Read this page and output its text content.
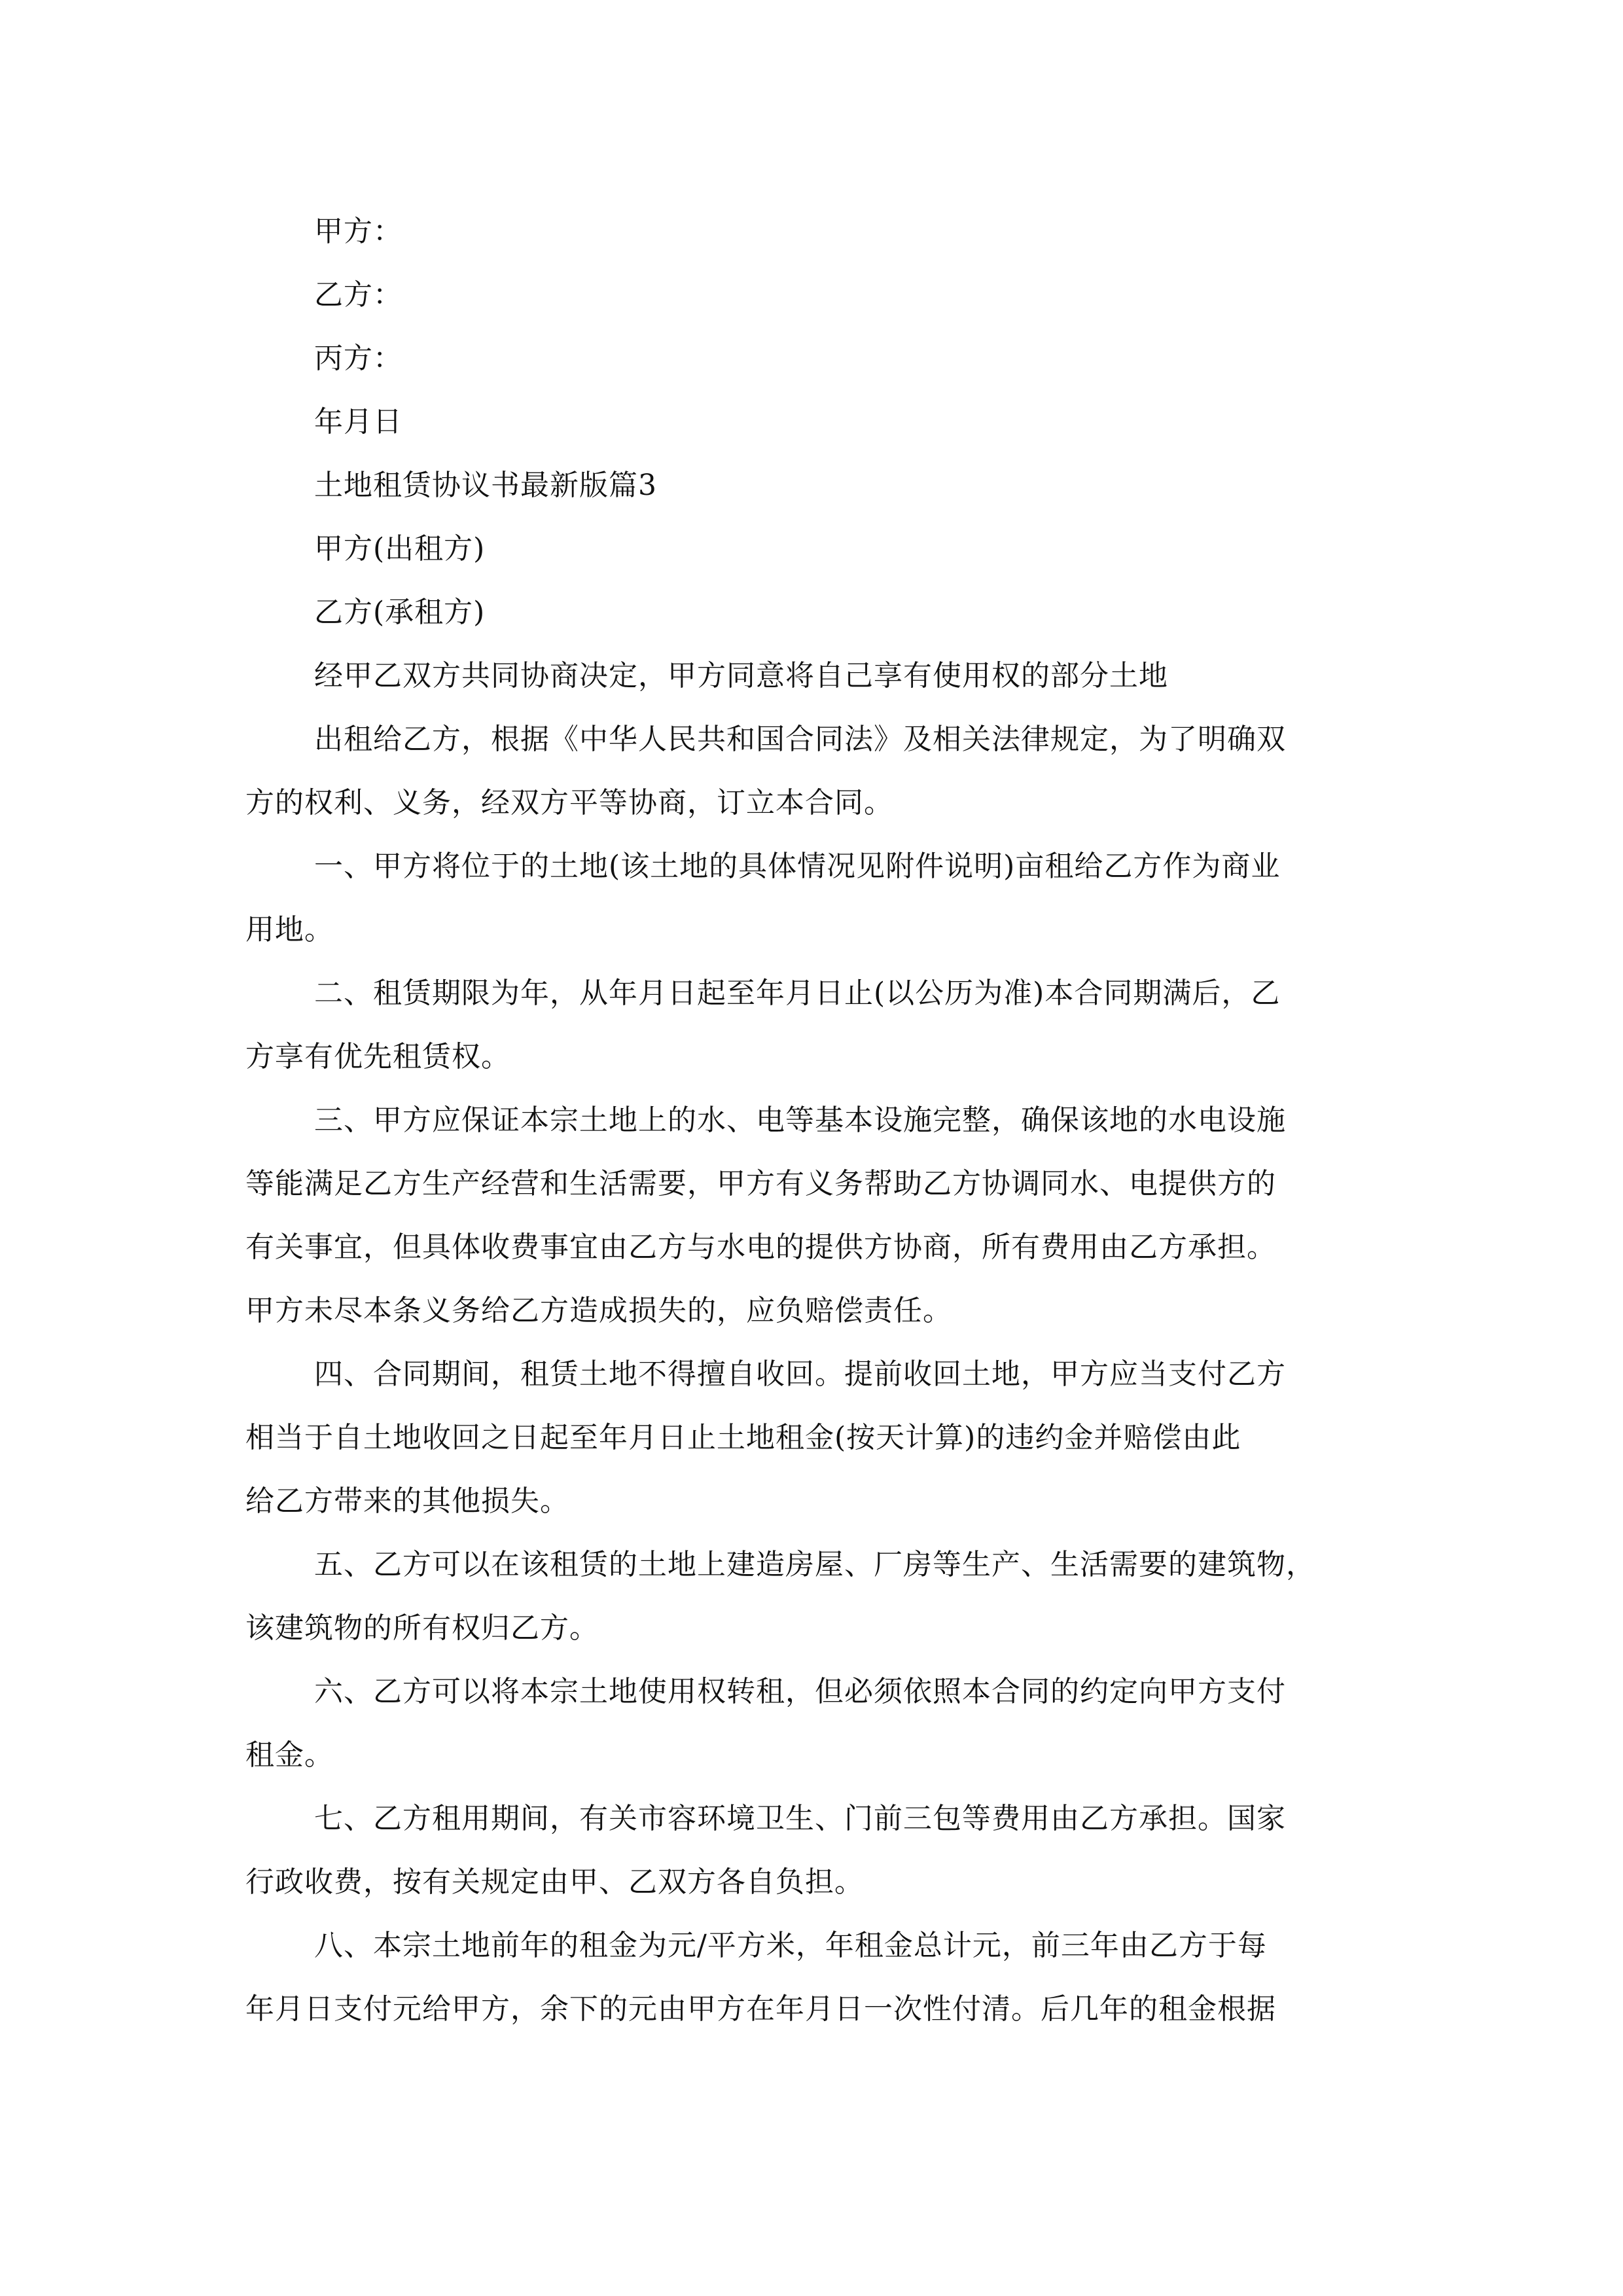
甲方：
乙方：
丙方：
年月日
土地租赁协议书最新版篇3
甲方(出租方)
乙方(承租方)
经甲乙双方共同协商决定，甲方同意将自己享有使用权的部分土地
出租给乙方，根据《中华人民共和国合同法》及相关法律规定，为了明确双
方的权利、义务，经双方平等协商，订立本合同。
一、甲方将位于的土地(该土地的具体情况见附件说明)亩租给乙方作为商业
用地。
二、租赁期限为年，从年月日起至年月日止(以公历为准)本合同期满后，乙
方享有优先租赁权。
三、甲方应保证本宗土地上的水、电等基本设施完整，确保该地的水电设施
等能满足乙方生产经营和生活需要，甲方有义务帮助乙方协调同水、电提供方的
有关事宜，但具体收费事宜由乙方与水电的提供方协商，所有费用由乙方承担。
甲方未尽本条义务给乙方造成损失的，应负赔偿责任。
四、合同期间，租赁土地不得擅自收回。提前收回土地，甲方应当支付乙方
相当于自土地收回之日起至年月日止土地租金(按天计算)的违约金并赔偿由此
给乙方带来的其他损失。
五、乙方可以在该租赁的土地上建造房屋、厂房等生产、生活需要的建筑物，
该建筑物的所有权归乙方。
六、乙方可以将本宗土地使用权转租，但必须依照本合同的约定向甲方支付
租金。
七、乙方租用期间，有关市容环境卫生、门前三包等费用由乙方承担。国家
行政收费，按有关规定由甲、乙双方各自负担。
八、本宗土地前年的租金为元/平方米，年租金总计元，前三年由乙方于每
年月日支付元给甲方，余下的元由甲方在年月日一次性付清。后几年的租金根据
